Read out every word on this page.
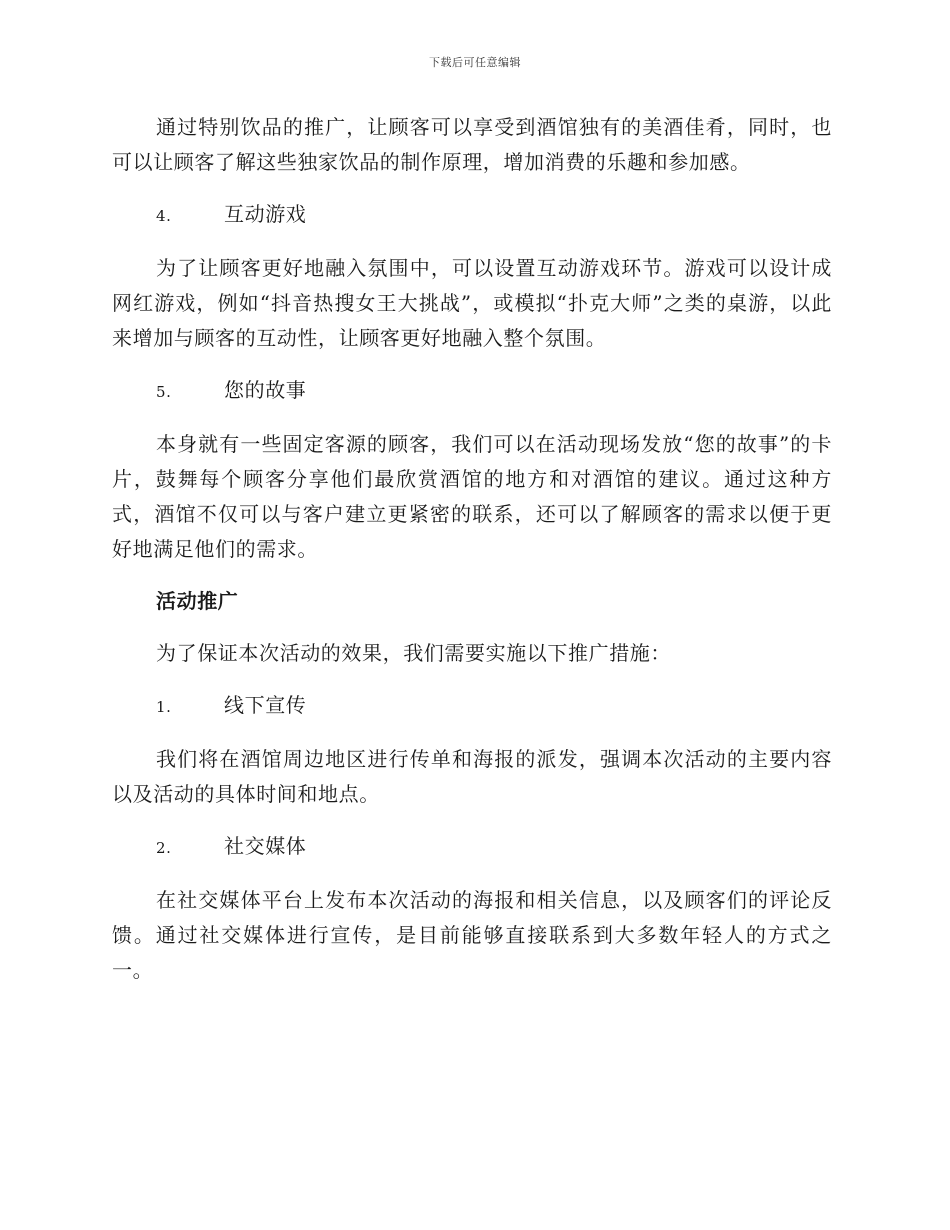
下载后可任意编辑

通过特别饮品的推广，让顾客可以享受到酒馆独有的美酒佳肴，同时，也可以让顾客了解这些独家饮品的制作原理，增加消费的乐趣和参加感。

4.	互动游戏

为了让顾客更好地融入氛围中，可以设置互动游戏环节。游戏可以设计成网红游戏，例如“抖音热搜女王大挑战”，或模拟“扑克大师”之类的桌游，以此来增加与顾客的互动性，让顾客更好地融入整个氛围。

5.	您的故事

本身就有一些固定客源的顾客，我们可以在活动现场发放“您的故事”的卡片，鼓舞每个顾客分享他们最欣赏酒馆的地方和对酒馆的建议。通过这种方式，酒馆不仅可以与客户建立更紧密的联系，还可以了解顾客的需求以便于更好地满足他们的需求。

活动推广

为了保证本次活动的效果，我们需要实施以下推广措施：

1.	线下宣传

我们将在酒馆周边地区进行传单和海报的派发，强调本次活动的主要内容以及活动的具体时间和地点。

2.	社交媒体

在社交媒体平台上发布本次活动的海报和相关信息，以及顾客们的评论反馈。通过社交媒体进行宣传，是目前能够直接联系到大多数年轻人的方式之一。
